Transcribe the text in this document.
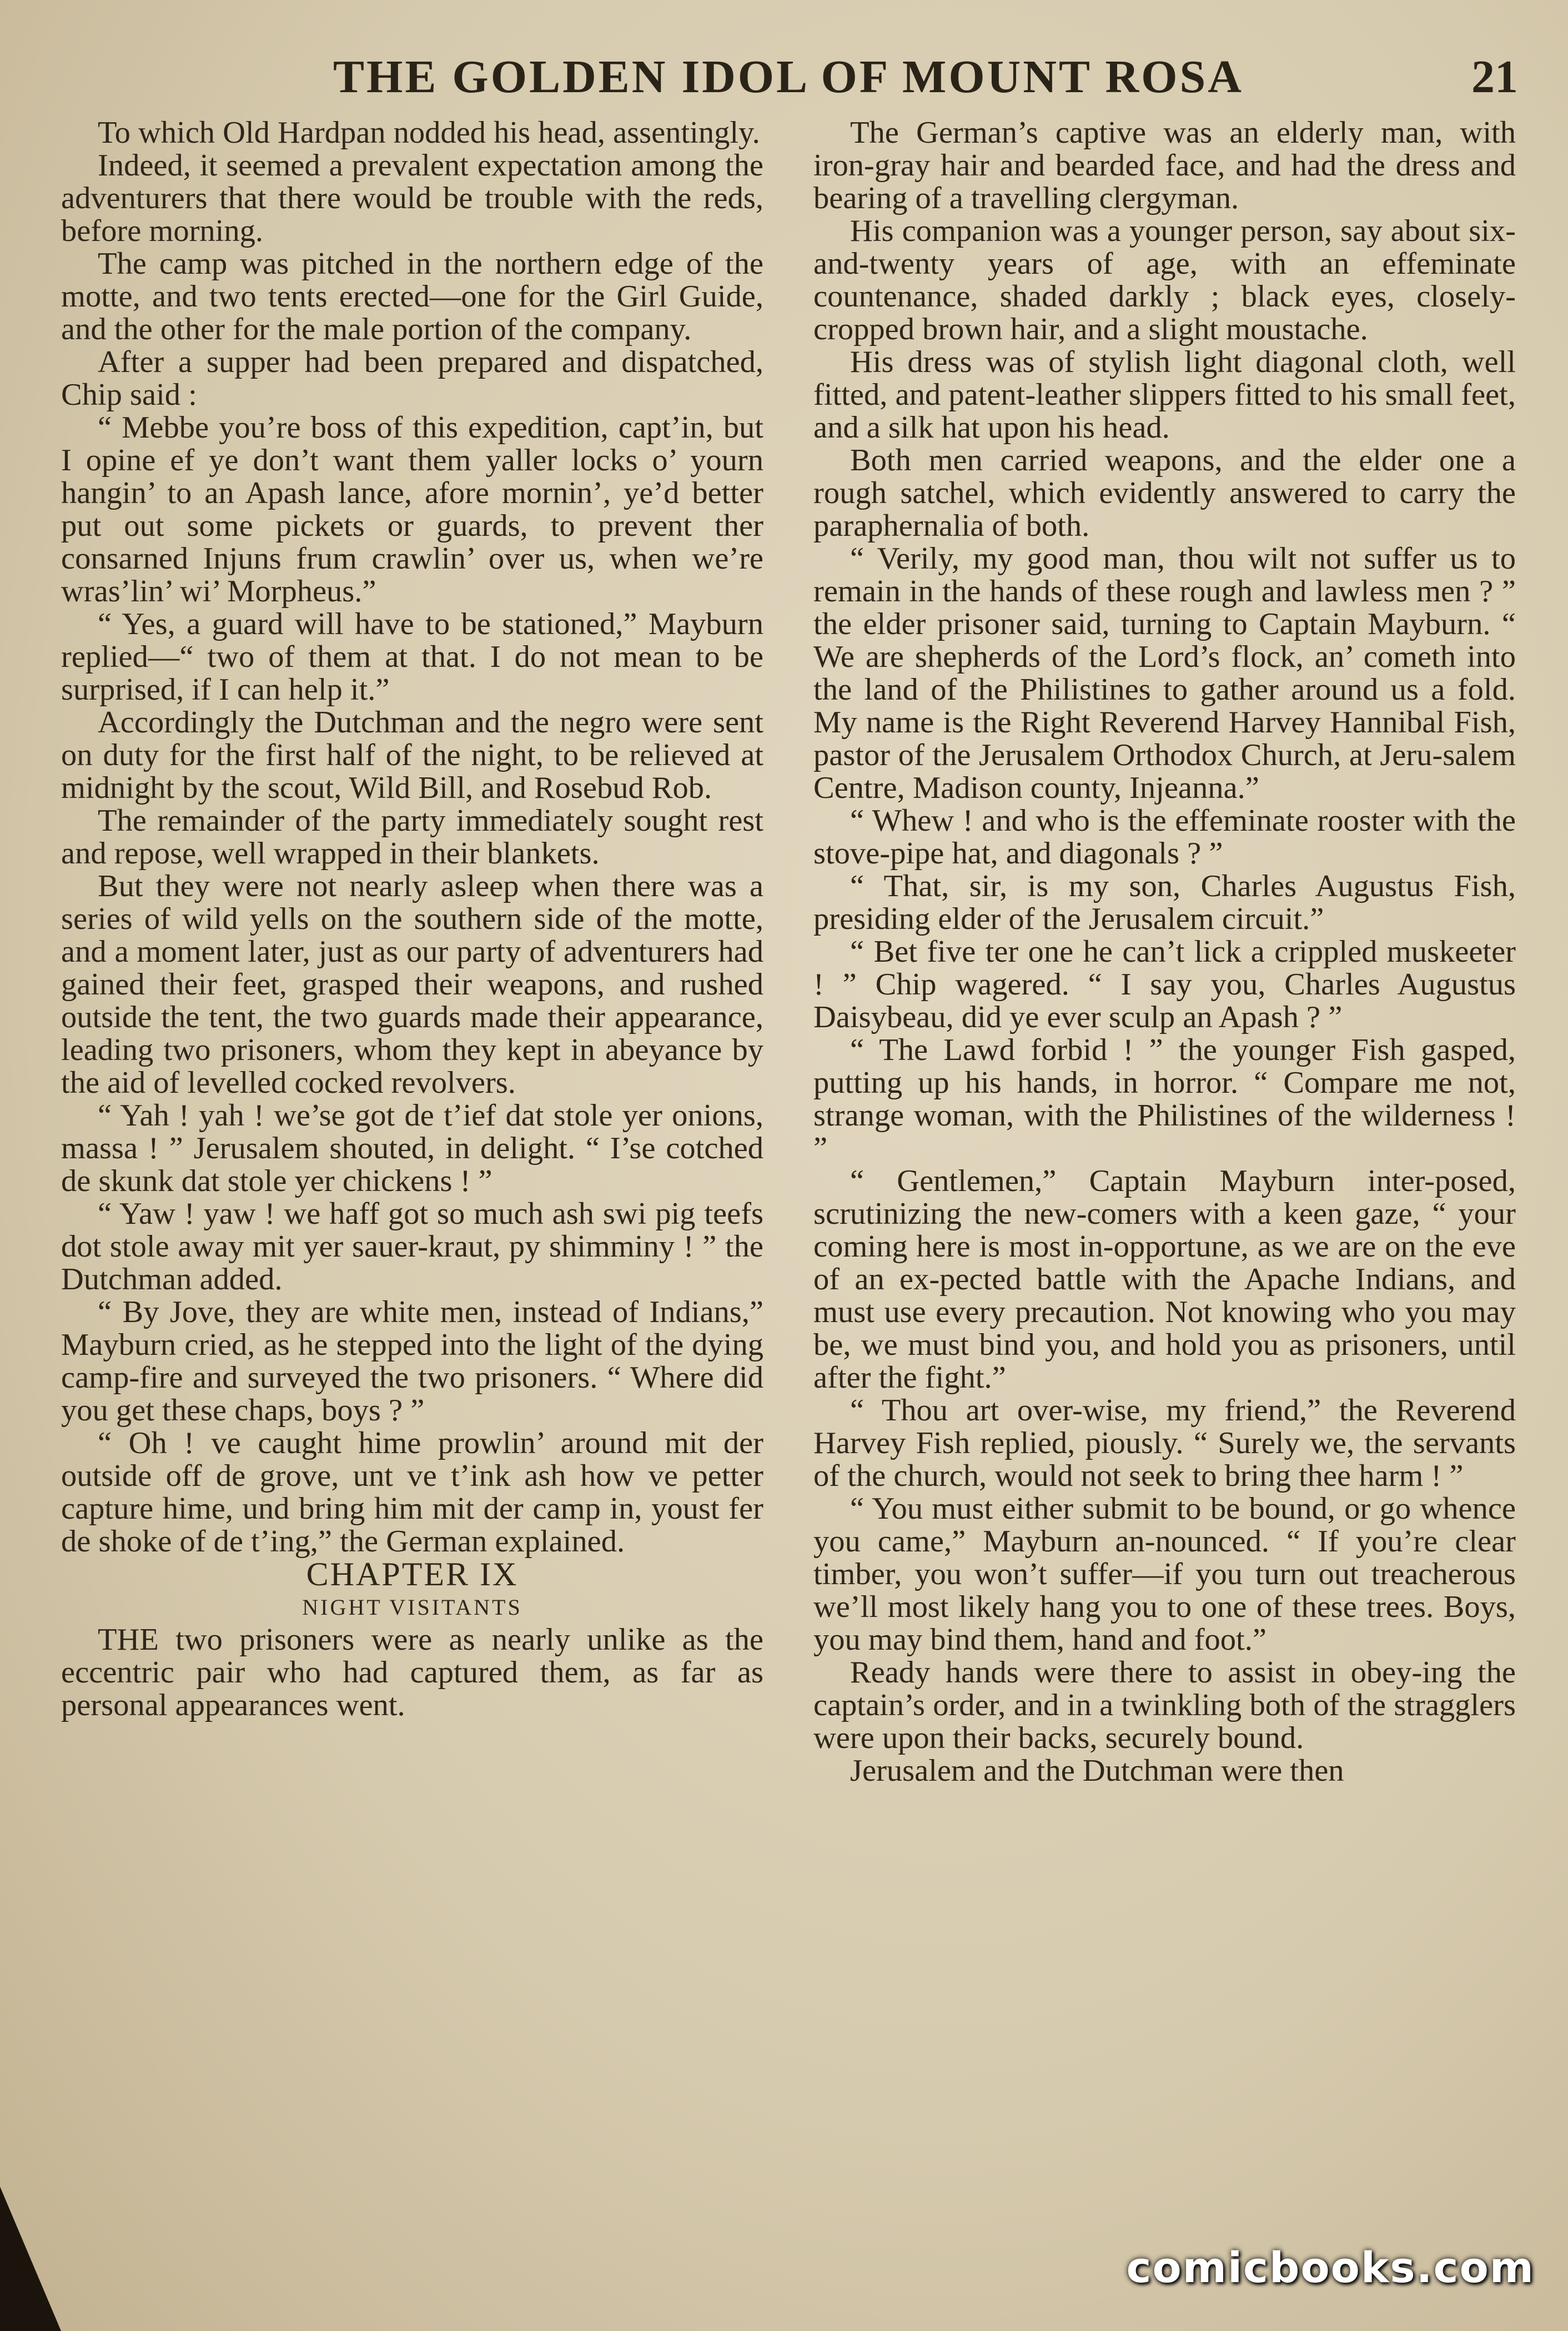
THE GOLDEN IDOL OF MOUNT ROSA	21

To which Old Hardpan nodded his head, assentingly.

Indeed, it seemed a prevalent expectation among the adventurers that there would be trouble with the reds, before morning.

The camp was pitched in the northern edge of the motte, and two tents erected—one for the Girl Guide, and the other for the male portion of the company.

After a supper had been prepared and dispatched, Chip said :

“ Mebbe you’re boss of this expedition, capt’in, but I opine ef ye don’t want them yaller locks o’ yourn hangin’ to an Apash lance, afore mornin’, ye’d better put out some pickets or guards, to prevent ther consarned Injuns frum crawlin’ over us, when we’re wras’lin’ wi’ Morpheus.”

“ Yes, a guard will have to be stationed,” Mayburn replied—“ two of them at that. I do not mean to be surprised, if I can help it.”

Accordingly the Dutchman and the negro were sent on duty for the first half of the night, to be relieved at midnight by the scout, Wild Bill, and Rosebud Rob.

The remainder of the party immediately sought rest and repose, well wrapped in their blankets.

But they were not nearly asleep when there was a series of wild yells on the southern side of the motte, and a moment later, just as our party of adventurers had gained their feet, grasped their weapons, and rushed outside the tent, the two guards made their appearance, leading two prisoners, whom they kept in abeyance by the aid of levelled cocked revolvers.

“ Yah ! yah ! we’se got de t’ief dat stole yer onions, massa ! ” Jerusalem shouted, in delight. “ I’se cotched de skunk dat stole yer chickens ! ”

“ Yaw ! yaw ! we haff got so much ash swi pig teefs dot stole away mit yer sauer-kraut, py shimminy ! ” the Dutchman added.

“ By Jove, they are white men, instead of Indians,” Mayburn cried, as he stepped into the light of the dying camp-fire and surveyed the two prisoners. “ Where did you get these chaps, boys ? ”

“ Oh ! ve caught hime prowlin’ around mit der outside off de grove, unt ve t’ink ash how ve petter capture hime, und bring him mit der camp in, youst fer de shoke of de t’ing,” the German explained.

CHAPTER IX

NIGHT VISITANTS

THE two prisoners were as nearly unlike as the eccentric pair who had captured them, as far as personal appearances went.

The German’s captive was an elderly man, with iron-gray hair and bearded face, and had the dress and bearing of a travelling clergyman.

His companion was a younger person, say about six-and-twenty years of age, with an effeminate countenance, shaded darkly ; black eyes, closely-cropped brown hair, and a slight moustache.

His dress was of stylish light diagonal cloth, well fitted, and patent-leather slippers fitted to his small feet, and a silk hat upon his head.

Both men carried weapons, and the elder one a rough satchel, which evidently answered to carry the paraphernalia of both.

“ Verily, my good man, thou wilt not suffer us to remain in the hands of these rough and lawless men ? ” the elder prisoner said, turning to Captain Mayburn. “ We are shepherds of the Lord’s flock, an’ cometh into the land of the Philistines to gather around us a fold. My name is the Right Reverend Harvey Hannibal Fish, pastor of the Jerusalem Orthodox Church, at Jeru-salem Centre, Madison county, Injeanna.”

“ Whew ! and who is the effeminate rooster with the stove-pipe hat, and diagonals ? ”

“ That, sir, is my son, Charles Augustus Fish, presiding elder of the Jerusalem circuit.”

“ Bet five ter one he can’t lick a crippled muskeeter ! ” Chip wagered. “ I say you, Charles Augustus Daisybeau, did ye ever sculp an Apash ? ”

“ The Lawd forbid ! ” the younger Fish gasped, putting up his hands, in horror. “ Compare me not, strange woman, with the Philistines of the wilderness ! ”

“ Gentlemen,” Captain Mayburn inter-posed, scrutinizing the new-comers with a keen gaze, “ your coming here is most in-opportune, as we are on the eve of an ex-pected battle with the Apache Indians, and must use every precaution. Not knowing who you may be, we must bind you, and hold you as prisoners, until after the fight.”

“ Thou art over-wise, my friend,” the Reverend Harvey Fish replied, piously. “ Surely we, the servants of the church, would not seek to bring thee harm ! ”

“ You must either submit to be bound, or go whence you came,” Mayburn an-nounced. “ If you’re clear timber, you won’t suffer—if you turn out treacherous we’ll most likely hang you to one of these trees. Boys, you may bind them, hand and foot.”

Ready hands were there to assist in obey-ing the captain’s order, and in a twinkling both of the stragglers were upon their backs, securely bound.

Jerusalem and the Dutchman were then

comicbooks.com
